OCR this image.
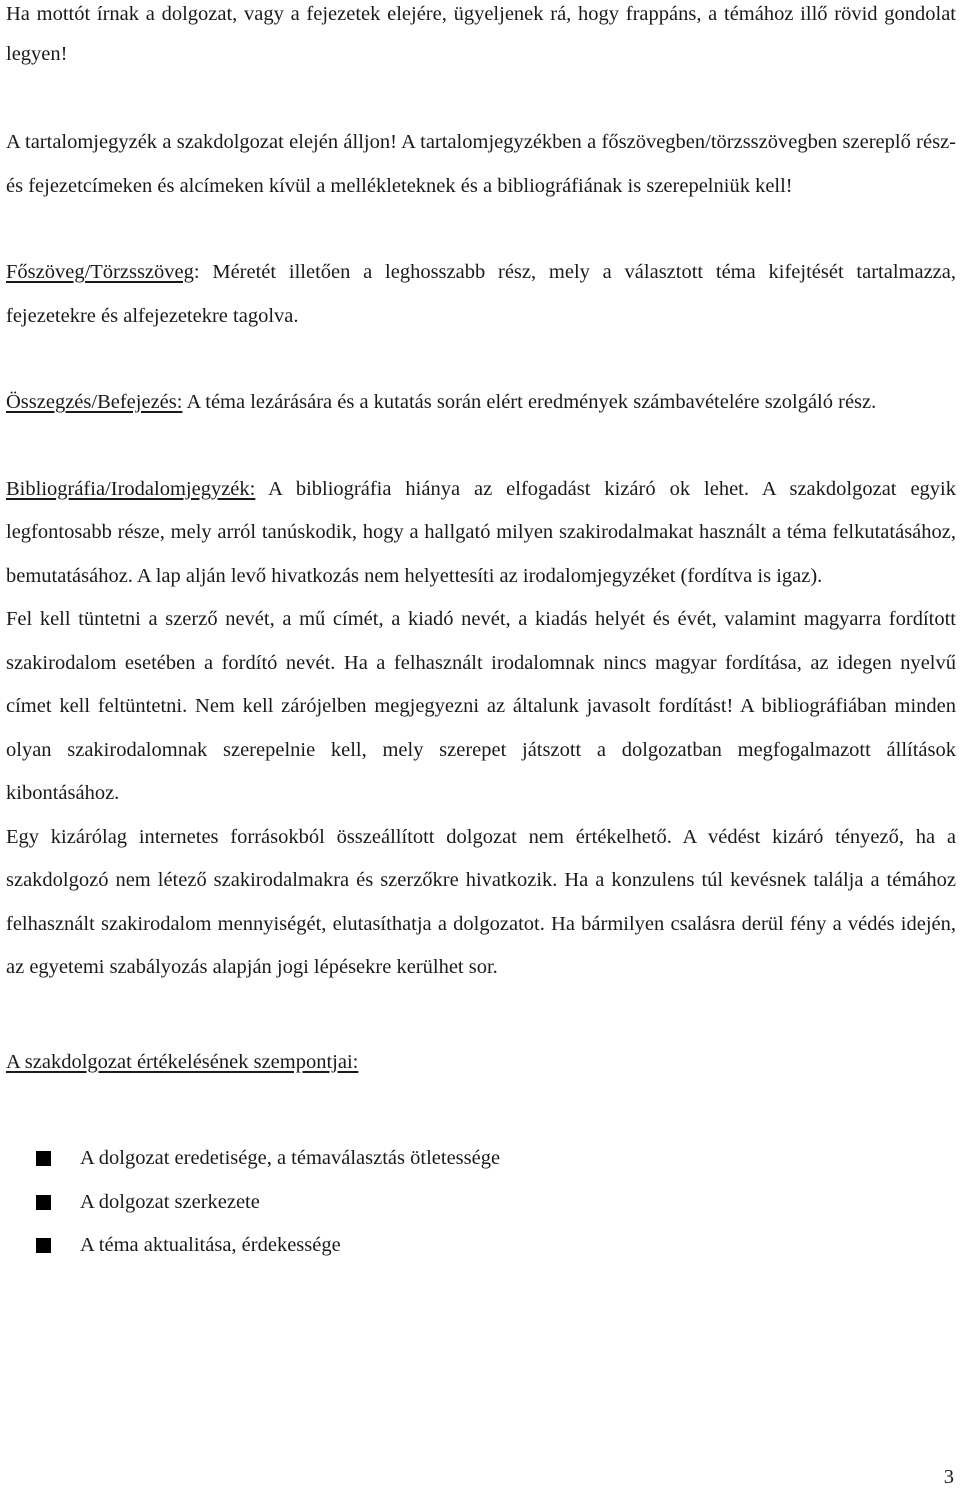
Ha mottót írnak a dolgozat, vagy a fejezetek elejére, ügyeljenek rá, hogy frappáns, a témához illő rövid gondolat legyen!

A tartalomjegyzék a szakdolgozat elején álljon! A tartalomjegyzékben a főszövegben/törzsszövegben szereplő rész- és fejezetcímeken és alcímeken kívül a mellékleteknek és a bibliográfiának is szerepelniük kell!

Főszöveg/Törzsszöveg: Méretét illetően a leghosszabb rész, mely a választott téma kifejtését tartalmazza, fejezetekre és alfejezetekre tagolva.

Összegzés/Befejezés: A téma lezárására és a kutatás során elért eredmények számbavételére szolgáló rész.

Bibliográfia/Irodalomjegyzék: A bibliográfia hiánya az elfogadást kizáró ok lehet. A szakdolgozat egyik legfontosabb része, mely arról tanúskodik, hogy a hallgató milyen szakirodalmakat használt a téma felkutatásához, bemutatásához. A lap alján levő hivatkozás nem helyettesíti az irodalomjegyzéket (fordítva is igaz).

Fel kell tüntetni a szerző nevét, a mű címét, a kiadó nevét, a kiadás helyét és évét, valamint magyarra fordított szakirodalom esetében a fordító nevét. Ha a felhasznált irodalomnak nincs magyar fordítása, az idegen nyelvű címet kell feltüntetni. Nem kell zárójelben megjegyezni az általunk javasolt fordítást! A bibliográfiában minden olyan szakirodalomnak szerepelnie kell, mely szerepet játszott a dolgozatban megfogalmazott állítások kibontásához.

Egy kizárólag internetes forrásokból összeállított dolgozat nem értékelhető. A védést kizáró tényező, ha a szakdolgozó nem létező szakirodalmakra és szerzőkre hivatkozik. Ha a konzulens túl kevésnek találja a témához felhasznált szakirodalom mennyiségét, elutasíthatja a dolgozatot. Ha bármilyen csalásra derül fény a védés idején, az egyetemi szabályozás alapján jogi lépésekre kerülhet sor.

A szakdolgozat értékelésének szempontjai:

A dolgozat eredetisége, a témaválasztás ötletessége
A dolgozat szerkezete
A téma aktualitása, érdekessége
3
